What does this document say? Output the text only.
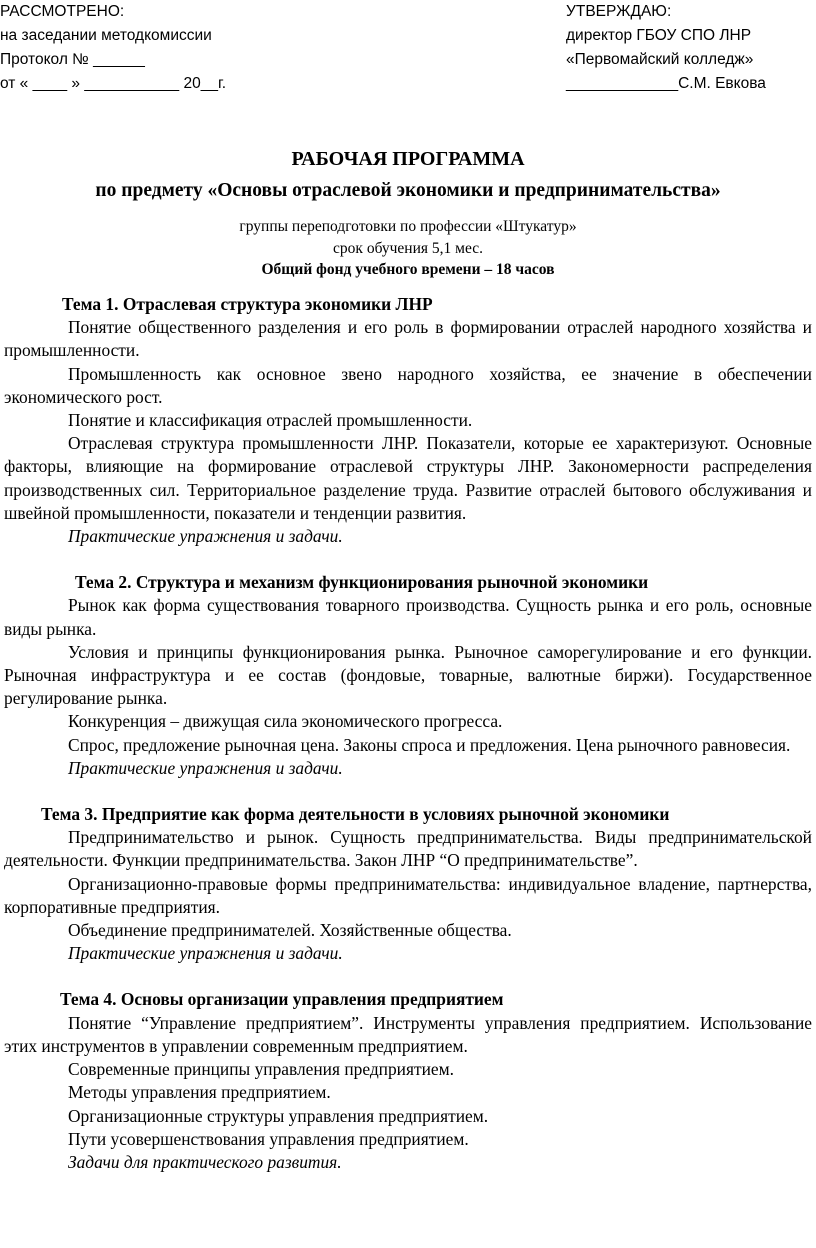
РАССМОТРЕНО:
на заседании методкомиссии
Протокол № ______
от « ____ » ___________ 20__г.
УТВЕРЖДАЮ:
директор ГБОУ СПО ЛНР
«Первомайский колледж»
_____________С.М. Евкова
РАБОЧАЯ ПРОГРАММА
по предмету «Основы отраслевой экономики и предпринимательства»
группы переподготовки по профессии «Штукатур»
срок обучения 5,1 мес.
Общий фонд учебного времени – 18 часов

Тема 1. Отраслевая структура экономики ЛНР

Понятие общественного разделения и его роль в формировании отраслей народного хозяйства и промышленности.

Промышленность как основное звено народного хозяйства, ее значение в обеспечении экономического рост.

Понятие и классификация отраслей промышленности.

Отраслевая структура промышленности ЛНР. Показатели, которые ее характеризуют. Основные факторы, влияющие на формирование отраслевой структуры ЛНР. Закономерности распределения производственных сил. Территориальное разделение труда. Развитие отраслей бытового обслуживания и швейной промышленности, показатели и тенденции развития.

Практические упражнения и задачи.

Тема 2. Структура и механизм функционирования рыночной экономики

Рынок как форма существования товарного производства. Сущность рынка и его роль, основные виды рынка.

Условия и принципы функционирования рынка. Рыночное саморегулирование и его функции. Рыночная инфраструктура и ее состав (фондовые, товарные, валютные биржи). Государственное регулирование рынка.

Конкуренция – движущая сила экономического прогресса.

Спрос, предложение рыночная цена. Законы спроса и предложения. Цена рыночного равновесия.

Практические упражнения и задачи.

Тема 3. Предприятие как форма деятельности в условиях рыночной экономики

Предпринимательство и рынок. Сущность предпринимательства. Виды предпринимательской деятельности. Функции предпринимательства. Закон ЛНР “О предпринимательстве”.

Организационно-правовые формы предпринимательства: индивидуальное владение, партнерства, корпоративные предприятия.

Объединение предпринимателей. Хозяйственные общества.

Практические упражнения и задачи.

Тема 4. Основы организации управления предприятием

Понятие “Управление предприятием”. Инструменты управления предприятием. Использование этих инструментов в управлении современным предприятием.

Современные принципы управления предприятием.

Методы управления предприятием.

Организационные структуры управления предприятием.

Пути усовершенствования управления предприятием.

Задачи для практического развития.
